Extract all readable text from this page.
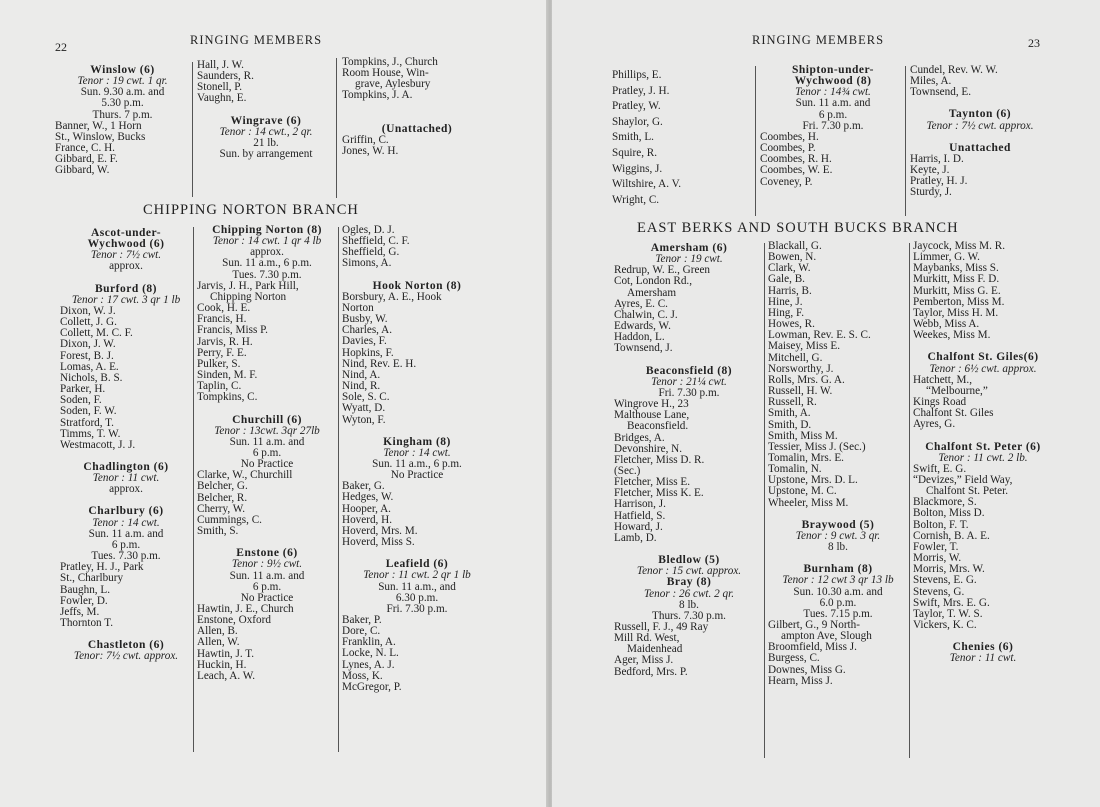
22	RINGING MEMBERS
Winslow (6)
Tenor : 19 cwt. 1 qr.
Sun. 9.30 a.m. and
5.30 p.m.
Thurs. 7 p.m.
Banner, W., 1 Horn
St., Winslow, Bucks
France, C. H.
Gibbard, E. F.
Gibbard, W.
Hall, J. W.
Saunders, R.
Stonell, P.
Vaughn, E.
Wingrave (6)
Tenor : 14 cwt., 2 qr.
21 lb.
Sun. by arrangement
Tompkins, J., Church
Room House, Win-
grave, Aylesbury
Tompkins, J. A.
(Unattached)
Griffin, C.
Jones, W. H.
CHIPPING NORTON BRANCH
Ascot-under-
Wychwood (6)
Tenor : 7½ cwt.
approx.
Burford (8)
Tenor : 17 cwt. 3 qr 1 lb
Dixon, W. J.
Collett, J. G.
Collett, M. C. F.
Dixon, J. W.
Forest, B. J.
Lomas, A. E.
Nichols, B. S.
Parker, H.
Soden, F.
Soden, F. W.
Stratford, T.
Timms, T. W.
Westmacott, J. J.
Chadlington (6)
Tenor : 11 cwt.
approx.
Charlbury (6)
Tenor : 14 cwt.
Sun. 11 a.m. and
6 p.m.
Tues. 7.30 p.m.
Pratley, H. J., Park
St., Charlbury
Baughn, L.
Fowler, D.
Jeffs, M.
Thornton T.
Chastleton (6)
Tenor: 7½ cwt. approx.
Chipping Norton (8)
Tenor : 14 cwt. 1 qr 4 lb
approx.
Sun. 11 a.m., 6 p.m.
Tues. 7.30 p.m.
Jarvis, J. H., Park Hill,
Chipping Norton
Cook, H. E.
Francis, H.
Francis, Miss P.
Jarvis, R. H.
Perry, F. E.
Pulker, S.
Sinden, M. F.
Taplin, C.
Tompkins, C.
Churchill (6)
Tenor : 13cwt. 3qr 27lb
Sun. 11 a.m. and
6 p.m.
No Practice
Clarke, W., Churchill
Belcher, G.
Belcher, R.
Cherry, W.
Cummings, C.
Smith, S.
Enstone (6)
Tenor : 9½ cwt.
Sun. 11 a.m. and
6 p.m.
No Practice
Hawtin, J. E., Church
Enstone, Oxford
Allen, B.
Allen, W.
Hawtin, J. T.
Huckin, H.
Leach, A. W.
Ogles, D. J.
Sheffield, C. F.
Sheffield, G.
Simons, A.
Hook Norton (8)
Borsbury, A. E., Hook
Norton
Busby, W.
Charles, A.
Davies, F.
Hopkins, F.
Nind, Rev. E. H.
Nind, A.
Nind, R.
Sole, S. C.
Wyatt, D.
Wyton, F.
Kingham (8)
Tenor : 14 cwt.
Sun. 11 a.m., 6 p.m.
No Practice
Baker, G.
Hedges, W.
Hooper, A.
Hoverd, H.
Hoverd, Mrs. M.
Hoverd, Miss S.
Leafield (6)
Tenor : 11 cwt. 2 qr 1 lb
Sun. 11 a.m., and
6.30 p.m.
Fri. 7.30 p.m.
Baker, P.
Dore, C.
Franklin, A.
Locke, N. L.
Lynes, A. J.
Moss, K.
McGregor, P.
RINGING MEMBERS	23
Phillips, E.
Pratley, J. H.
Pratley, W.
Shaylor, G.
Smith, L.
Squire, R.
Wiggins, J.
Wiltshire, A. V.
Wright, C.
Shipton-under-
Wychwood (8)
Tenor : 14¾ cwt.
Sun. 11 a.m. and
6 p.m.
Fri. 7.30 p.m.
Coombes, H.
Coombes, P.
Coombes, R. H.
Coombes, W. E.
Coveney, P.
Cundel, Rev. W. W.
Miles, A.
Townsend, E.
Taynton (6)
Tenor : 7½ cwt. approx.
Unattached
Harris, I. D.
Keyte, J.
Pratley, H. J.
Sturdy, J.
EAST BERKS AND SOUTH BUCKS BRANCH
Amersham (6)
Tenor : 19 cwt.
Redrup, W. E., Green
Cot, London Rd.,
Amersham
Ayres, E. C.
Chalwin, C. J.
Edwards, W.
Haddon, L.
Townsend, J.
Beaconsfield (8)
Tenor : 21¼ cwt.
Fri. 7.30 p.m.
Wingrove H., 23
Malthouse Lane,
Beaconsfield.
Bridges, A.
Devonshire, N.
Fletcher, Miss D. R.
(Sec.)
Fletcher, Miss E.
Fletcher, Miss K. E.
Harrison, J.
Hatfield, S.
Howard, J.
Lamb, D.
Bledlow (5)
Tenor : 15 cwt. approx.
Bray (8)
Tenor : 26 cwt. 2 qr.
8 lb.
Thurs. 7.30 p.m.
Russell, F. J., 49 Ray
Mill Rd. West,
Maidenhead
Ager, Miss J.
Bedford, Mrs. P.
Blackall, G.
Bowen, N.
Clark, W.
Gale, B.
Harris, B.
Hine, J.
Hing, F.
Howes, R.
Lowman, Rev. E. S. C.
Maisey, Miss E.
Mitchell, G.
Norsworthy, J.
Rolls, Mrs. G. A.
Russell, H. W.
Russell, R.
Smith, A.
Smith, D.
Smith, Miss M.
Tessier, Miss J. (Sec.)
Tomalin, Mrs. E.
Tomalin, N.
Upstone, Mrs. D. L.
Upstone, M. C.
Wheeler, Miss M.
Braywood (5)
Tenor : 9 cwt. 3 qr.
8 lb.
Burnham (8)
Tenor : 12 cwt 3 qr 13 lb
Sun. 10.30 a.m. and
6.0 p.m.
Tues. 7.15 p.m.
Gilbert, G., 9 North-
ampton Ave, Slough
Broomfield, Miss J.
Burgess, C.
Downes, Miss G.
Hearn, Miss J.
Jaycock, Miss M. R.
Limmer, G. W.
Maybanks, Miss S.
Murkitt, Miss F. D.
Murkitt, Miss G. E.
Pemberton, Miss M.
Taylor, Miss H. M.
Webb, Miss A.
Weekes, Miss M.
Chalfont St. Giles(6)
Tenor : 6½ cwt. approx.
Hatchett, M.,
“Melbourne,”
Kings Road
Chalfont St. Giles
Ayres, G.
Chalfont St. Peter (6)
Tenor : 11 cwt. 2 lb.
Swift, E. G.
“Devizes,” Field Way,
Chalfont St. Peter.
Blackmore, S.
Bolton, Miss D.
Bolton, F. T.
Cornish, B. A. E.
Fowler, T.
Morris, W.
Morris, Mrs. W.
Stevens, E. G.
Stevens, G.
Swift, Mrs. E. G.
Taylor, T. W. S.
Vickers, K. C.
Chenies (6)
Tenor : 11 cwt.
